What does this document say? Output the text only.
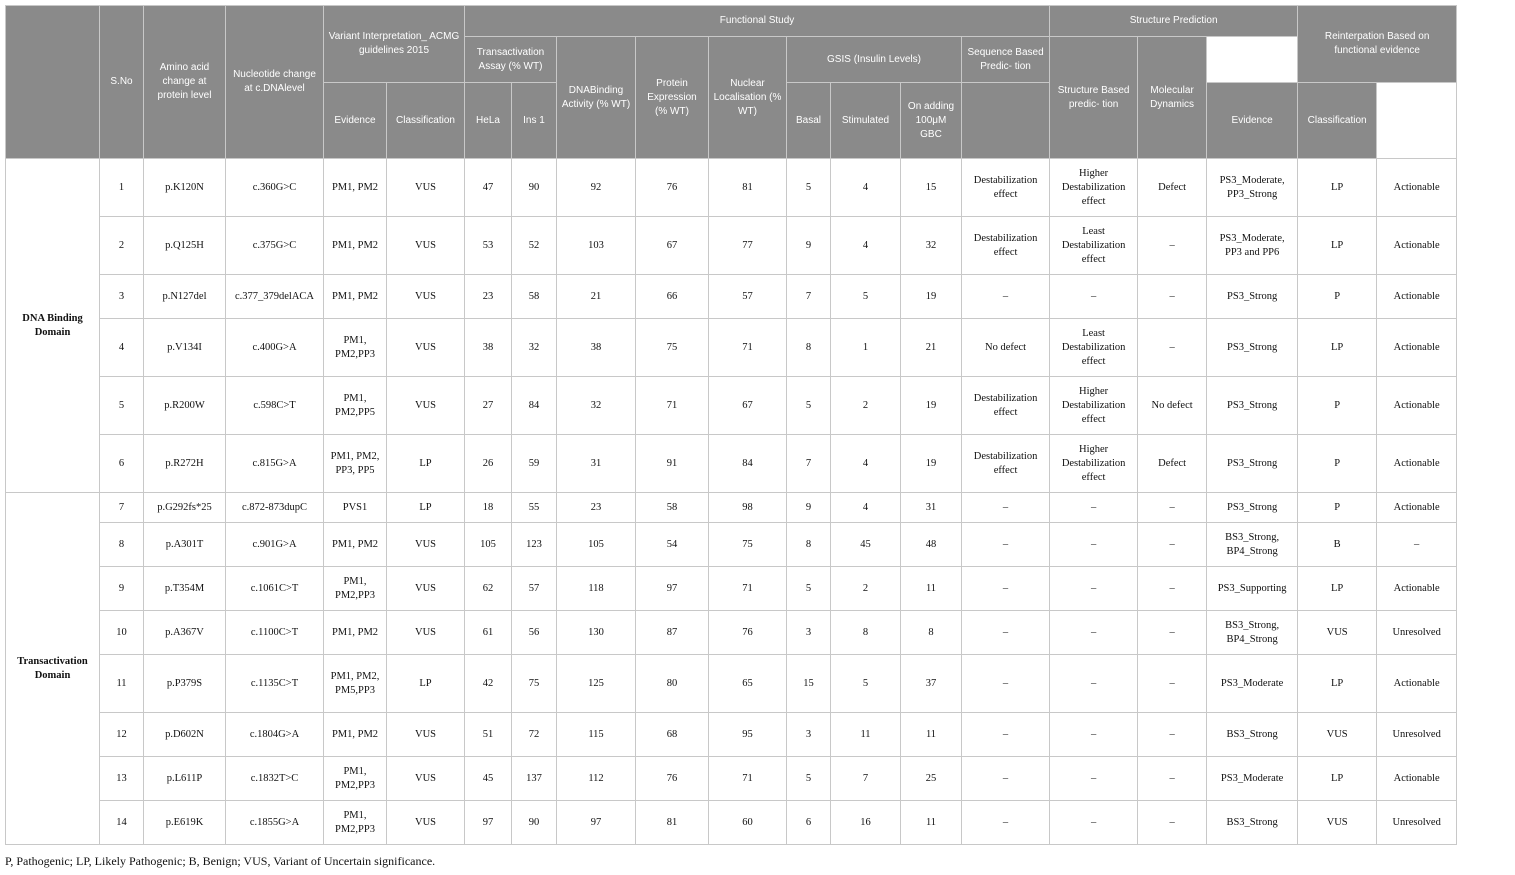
	S.No	Amino acid change at protein level	Nucleotide change at c.DNAlevel	Variant Interpretation_ ACMG guidelines 2015		Functional Study									Structure Prediction			Reinterpation Based on functional evidence		Clinical Actionability
						Transactivation Assay (% WT)		DNABinding Activity (% WT)	Protein Expression (% WT)	Nuclear Localisation (% WT)	GSIS (Insulin Levels)			Sequence Based Predic- tion	Structure Based predic- tion	Molecular Dynamics				
				Evidence	Classification	HeLa	Ins 1				Basal	Stimulated	On adding 100μM GBC				Evidence	Classification		
DNA Binding Domain	1	p.K120N	c.360G>C	PM1, PM2	VUS	47	90	92	76	81	5	4	15	Destabilization effect	Higher Destabilization effect	Defect	PS3_Moderate, PP3_Strong	LP	Actionable	
	2	p.Q125H	c.375G>C	PM1, PM2	VUS	53	52	103	67	77	9	4	32	Destabilization effect	Least Destabilization effect	–	PS3_Moderate, PP3 and PP6	LP	Actionable	
	3	p.N127del	c.377_379delACA	PM1, PM2	VUS	23	58	21	66	57	7	5	19	–	–	–	PS3_Strong	P	Actionable	
	4	p.V134I	c.400G>A	PM1, PM2,PP3	VUS	38	32	38	75	71	8	1	21	No defect	Least Destabilization effect	–	PS3_Strong	LP	Actionable	
	5	p.R200W	c.598C>T	PM1, PM2,PP5	VUS	27	84	32	71	67	5	2	19	Destabilization effect	Higher Destabilization effect	No defect	PS3_Strong	P	Actionable	
	6	p.R272H	c.815G>A	PM1, PM2, PP3, PP5	LP	26	59	31	91	84	7	4	19	Destabilization effect	Higher Destabilization effect	Defect	PS3_Strong	P	Actionable	
Transactivation Domain	7	p.G292fs*25	c.872-873dupC	PVS1	LP	18	55	23	58	98	9	4	31	–	–	–	PS3_Strong	P	Actionable	
	8	p.A301T	c.901G>A	PM1, PM2	VUS	105	123	105	54	75	8	45	48	–	–	–	BS3_Strong, BP4_Strong	B	–	
	9	p.T354M	c.1061C>T	PM1, PM2,PP3	VUS	62	57	118	97	71	5	2	11	–	–	–	PS3_Supporting	LP	Actionable	
	10	p.A367V	c.1100C>T	PM1, PM2	VUS	61	56	130	87	76	3	8	8	–	–	–	BS3_Strong, BP4_Strong	VUS	Unresolved	
	11	p.P379S	c.1135C>T	PM1, PM2, PM5,PP3	LP	42	75	125	80	65	15	5	37	–	–	–	PS3_Moderate	LP	Actionable	
	12	p.D602N	c.1804G>A	PM1, PM2	VUS	51	72	115	68	95	3	11	11	–	–	–	BS3_Strong	VUS	Unresolved	
	13	p.L611P	c.1832T>C	PM1, PM2,PP3	VUS	45	137	112	76	71	5	7	25	–	–	–	PS3_Moderate	LP	Actionable	
	14	p.E619K	c.1855G>A	PM1, PM2,PP3	VUS	97	90	97	81	60	6	16	11	–	–	–	BS3_Strong	VUS	Unresolved	
P, Pathogenic; LP, Likely Pathogenic; B, Benign; VUS, Variant of Uncertain significance.
